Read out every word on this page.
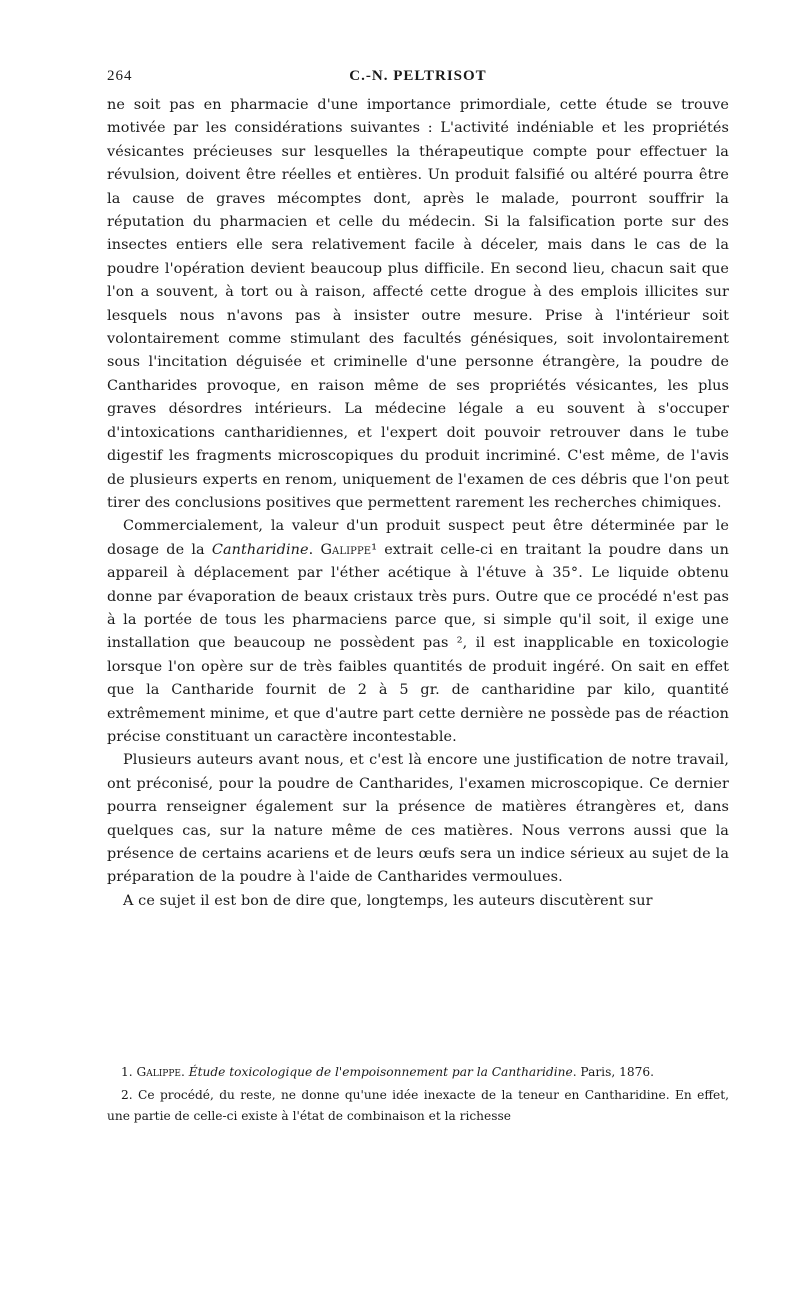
264	C.-N. PELTRISOT

ne soit pas en pharmacie d'une importance primordiale, cette étude se trouve motivée par les considérations suivantes : L'activité indéniable et les propriétés vésicantes précieuses sur lesquelles la thérapeutique compte pour effectuer la révulsion, doivent être réelles et entières. Un produit falsifié ou altéré pourra être la cause de graves mécomptes dont, après le malade, pourront souffrir la réputation du pharmacien et celle du médecin. Si la falsification porte sur des insectes entiers elle sera relativement facile à déceler, mais dans le cas de la poudre l'opération devient beaucoup plus difficile. En second lieu, chacun sait que l'on a souvent, à tort ou à raison, affecté cette drogue à des emplois illicites sur lesquels nous n'avons pas à insister outre mesure. Prise à l'intérieur soit volontairement comme stimulant des facultés génésiques, soit involontairement sous l'incitation déguisée et criminelle d'une personne étrangère, la poudre de Cantharides provoque, en raison même de ses propriétés vésicantes, les plus graves désordres intérieurs. La médecine légale a eu souvent à s'occuper d'intoxications cantharidiennes, et l'expert doit pouvoir retrouver dans le tube digestif les fragments microscopiques du produit incriminé. C'est même, de l'avis de plusieurs experts en renom, uniquement de l'examen de ces débris que l'on peut tirer des conclusions positives que permettent rarement les recherches chimiques.

Commercialement, la valeur d'un produit suspect peut être déterminée par le dosage de la Cantharidine. Galippe¹ extrait celle-ci en traitant la poudre dans un appareil à déplacement par l'éther acétique à l'étuve à 35°. Le liquide obtenu donne par évaporation de beaux cristaux très purs. Outre que ce procédé n'est pas à la portée de tous les pharmaciens parce que, si simple qu'il soit, il exige une installation que beaucoup ne possèdent pas ², il est inapplicable en toxicologie lorsque l'on opère sur de très faibles quantités de produit ingéré. On sait en effet que la Cantharide fournit de 2 à 5 gr. de cantharidine par kilo, quantité extrêmement minime, et que d'autre part cette dernière ne possède pas de réaction précise constituant un caractère incontestable.

Plusieurs auteurs avant nous, et c'est là encore une justification de notre travail, ont préconisé, pour la poudre de Cantharides, l'examen microscopique. Ce dernier pourra renseigner également sur la présence de matières étrangères et, dans quelques cas, sur la nature même de ces matières. Nous verrons aussi que la présence de certains acariens et de leurs œufs sera un indice sérieux au sujet de la préparation de la poudre à l'aide de Cantharides vermoulues.

A ce sujet il est bon de dire que, longtemps, les auteurs discutèrent sur

1. Galippe. Étude toxicologique de l'empoisonnement par la Cantharidine. Paris, 1876.

2. Ce procédé, du reste, ne donne qu'une idée inexacte de la teneur en Cantharidine. En effet, une partie de celle-ci existe à l'état de combinaison et la richesse
